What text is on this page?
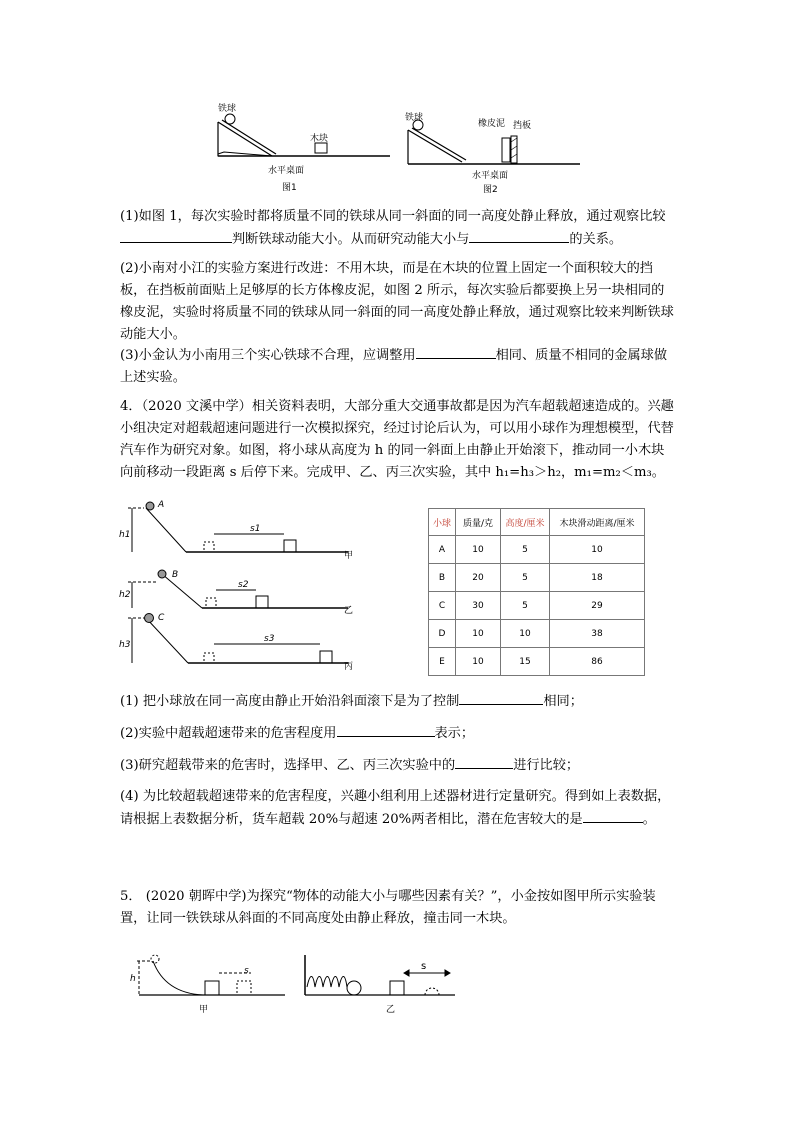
铁球
木块
水平桌面
图1
铁球
橡皮泥 挡板
水平桌面
图2
(1)如图 1，每次实验时都将质量不同的铁球从同一斜面的同一高度处静止释放，通过观察比较判断铁球动能大小。从而研究动能大小与	的关系。
(2)小南对小江的实验方案进行改进：不用木块，而是在木块的位置上固定一个面积较大的挡板，在挡板前面贴上足够厚的长方体橡皮泥，如图 2 所示，每次实验后都要换上另一块相同的橡皮泥，实验时将质量不同的铁球从同一斜面的同一高度处静止释放，通过观察比较来判断铁球动能大小。
(3)小金认为小南用三个实心铁球不合理，应调整用	相同、质量不相同的金属球做上述实验。
4．（2020 文溪中学）相关资料表明，大部分重大交通事故都是因为汽车超载超速造成的。兴趣小组决定对超载超速问题进行一次模拟探究，经过讨论后认为，可以用小球作为理想模型，代替汽车作为研究对象。如图，将小球从高度为 h 的同一斜面上由静止开始滚下，推动同一小木块向前移动一段距离 s 后停下来。完成甲、乙、丙三次实验，其中 h₁=h₃＞h₂，m₁=m₂＜m₃。
A
B
C
h1
h2
h3
s1
s2
s3
甲
乙
丙
小球	质量/克	高度/厘米	木块滑动距离/厘米
A	10	5	10
B	20	5	18
C	30	5	29
D	10	10	38
E	10	15	86
(1) 把小球放在同一高度由静止开始沿斜面滚下是为了控制	相同；
(2)实验中超载超速带来的危害程度用	表示；
(3)研究超载带来的危害时，选择甲、乙、丙三次实验中的	进行比较；
(4) 为比较超载超速带来的危害程度，兴趣小组利用上述器材进行定量研究。得到如上表数据，请根据上表数据分析，货车超载 20%与超速 20%两者相比，潜在危害较大的是	。
5． (2020 朝晖中学)为探究“物体的动能大小与哪些因素有关？”，小金按如图甲所示实验装置，让同一铁铁球从斜面的不同高度处由静止释放，撞击同一木块。
h
s	s
甲	乙
